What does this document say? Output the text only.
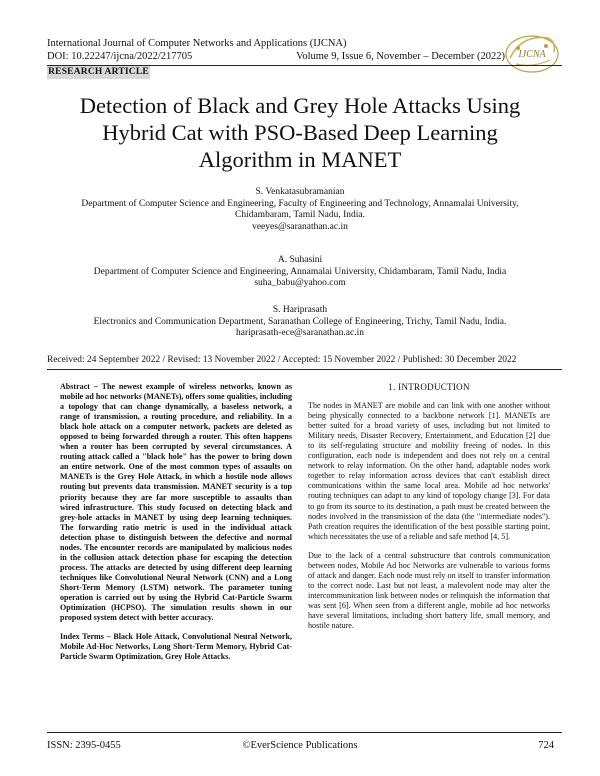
International Journal of Computer Networks and Applications (IJCNA)
DOI: 10.22247/ijcna/2022/217705	Volume 9, Issue 6, November – December (2022) IJCNA
RESEARCH ARTICLE
Detection of Black and Grey Hole Attacks Using
Hybrid Cat with PSO-Based Deep Learning
Algorithm in MANET
S. Venkatasubramanian
Department of Computer Science and Engineering, Faculty of Engineering and Technology, Annamalai University,
Chidambaram, Tamil Nadu, India.
veeyes@saranathan.ac.in
A. Suhasini
Department of Computer Science and Engineering, Annamalai University, Chidambaram, Tamil Nadu, India
suha_babu@yahoo.com
S. Hariprasath
Electronics and Communication Department, Saranathan College of Engineering, Trichy, Tamil Nadu, India.
hariprasath-ece@saranathan.ac.in
Received: 24 September 2022 / Revised: 13 November 2022 / Accepted: 15 November 2022 / Published: 30 December 2022

Abstract – The newest example of wireless networks, known as mobile ad hoc networks (MANETs), offers some qualities, including a topology that can change dynamically, a baseless network, a range of transmission, a routing procedure, and reliability. In a black hole attack on a computer network, packets are deleted as opposed to being forwarded through a router. This often happens when a router has been corrupted by several circumstances. A routing attack called a "black hole" has the power to bring down an entire network. One of the most common types of assaults on MANETs is the Grey Hole Attack, in which a hostile node allows routing but prevents data transmission. MANET security is a top priority because they are far more susceptible to assaults than wired infrastructure. This study focused on detecting black and grey-hole attacks in MANET by using deep learning techniques. The forwarding ratio metric is used in the individual attack detection phase to distinguish between the defective and normal nodes. The encounter records are manipulated by malicious nodes in the collusion attack detection phase for escaping the detection process. The attacks are detected by using different deep learning techniques like Convolutional Neural Network (CNN) and a Long Short-Term Memory (LSTM) network. The parameter tuning operation is carried out by using the Hybrid Cat-Particle Swarm Optimization (HCPSO). The simulation results shown in our proposed system detect with better accuracy.

Index Terms – Black Hole Attack, Convolutional Neural Network, Mobile Ad-Hoc Networks, Long Short-Term Memory, Hybrid Cat-Particle Swarm Optimization, Grey Hole Attacks.

1. INTRODUCTION

The nodes in MANET are mobile and can link with one another without being physically connected to a backbone network [1]. MANETs are better suited for a broad variety of uses, including but not limited to Military needs, Disaster Recovery, Entertainment, and Education [2] due to its self-regulating structure and mobility freeing of nodes. In this configuration, each node is independent and does not rely on a central network to relay information. On the other hand, adaptable nodes work together to relay information across devices that can't establish direct communications within the same local area. Mobile ad hoc networks' routing techniques can adapt to any kind of topology change [3]. For data to go from its source to its destination, a path must be created between the nodes involved in the transmission of the data (the "intermediate nodes"). Path creation requires the identification of the best possible starting point, which necessitates the use of a reliable and safe method [4, 5].

Due to the lack of a central substructure that controls communication between nodes, Mobile Ad hoc Networks are vulnerable to various forms of attack and danger. Each node must rely on itself to transfer information to the correct node. Last but not least, a malevolent node may alter the intercommunication link between nodes or relinquish the information that was sent [6]. When seen from a different angle, mobile ad hoc networks have several limitations, including short battery life, small memory, and hostile nature.

ISSN: 2395-0455	©EverScience Publications	724
